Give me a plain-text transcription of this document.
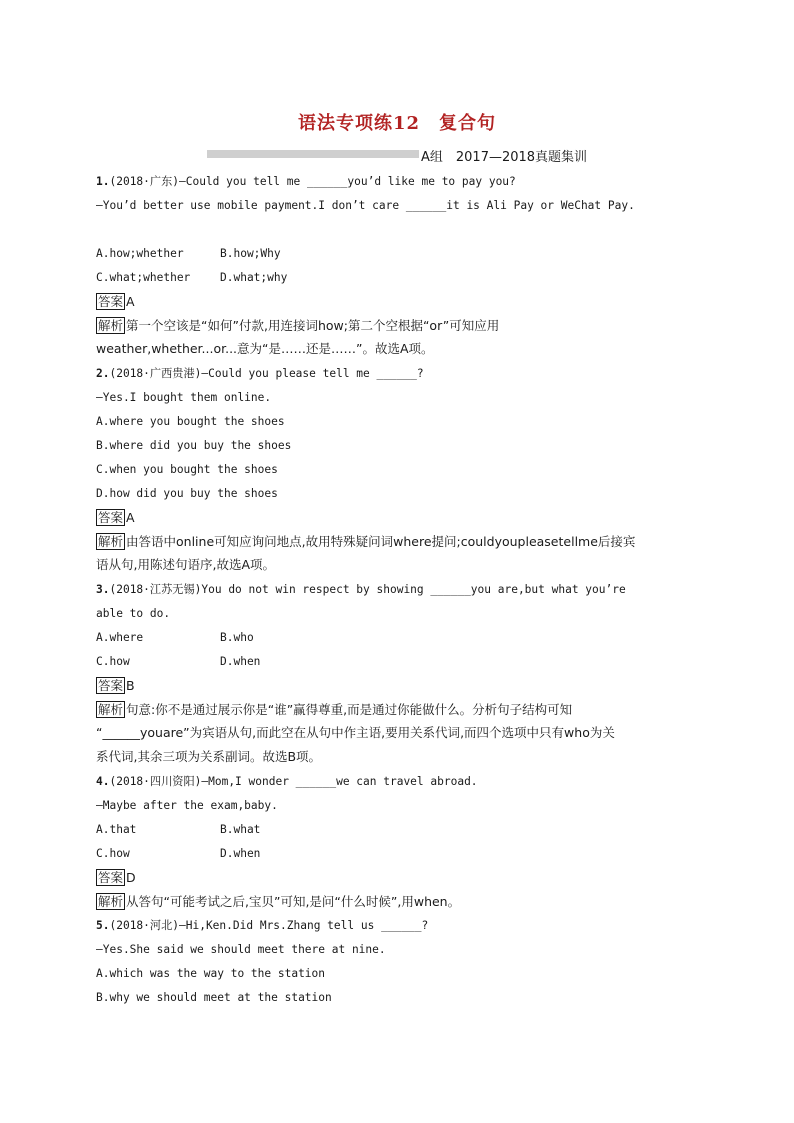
语法专项练12　复合句
A组　2017—2018真题集训
1.(2018·广东)—Could you tell me ______you’d like me to pay you?
—You’d better use mobile payment.I don’t care ______it is Ali Pay or WeChat Pay.
A.how;whether	B.how;Why
C.what;whether	D.what;why
答案 A
解析 第一个空该是“如何”付款,用连接词how;第二个空根据“or”可知应用
weather,whether...or...意为“是……还是……”。故选A项。
2.(2018·广西贵港)—Could you please tell me ______?
—Yes.I bought them online.
A.where you bought the shoes
B.where did you buy the shoes
C.when you bought the shoes
D.how did you buy the shoes
答案 A
解析 由答语中online可知应询问地点,故用特殊疑问词where提问;couldyoupleasetellme后接宾
语从句,用陈述句语序,故选A项。
3.(2018·江苏无锡)You do not win respect by showing ______you are,but what you’re
able to do.
A.where	B.who
C.how	D.when
答案 B
解析 句意:你不是通过展示你是“谁”赢得尊重,而是通过你能做什么。分析句子结构可知
“______youare”为宾语从句,而此空在从句中作主语,要用关系代词,而四个选项中只有who为关
系代词,其余三项为关系副词。故选B项。
4.(2018·四川资阳)—Mom,I wonder ______we can travel abroad.
—Maybe after the exam,baby.
A.that	B.what
C.how	D.when
答案 D
解析 从答句“可能考试之后,宝贝”可知,是问“什么时候”,用when。
5.(2018·河北)—Hi,Ken.Did Mrs.Zhang tell us ______?
—Yes.She said we should meet there at nine.
A.which was the way to the station
B.why we should meet at the station
